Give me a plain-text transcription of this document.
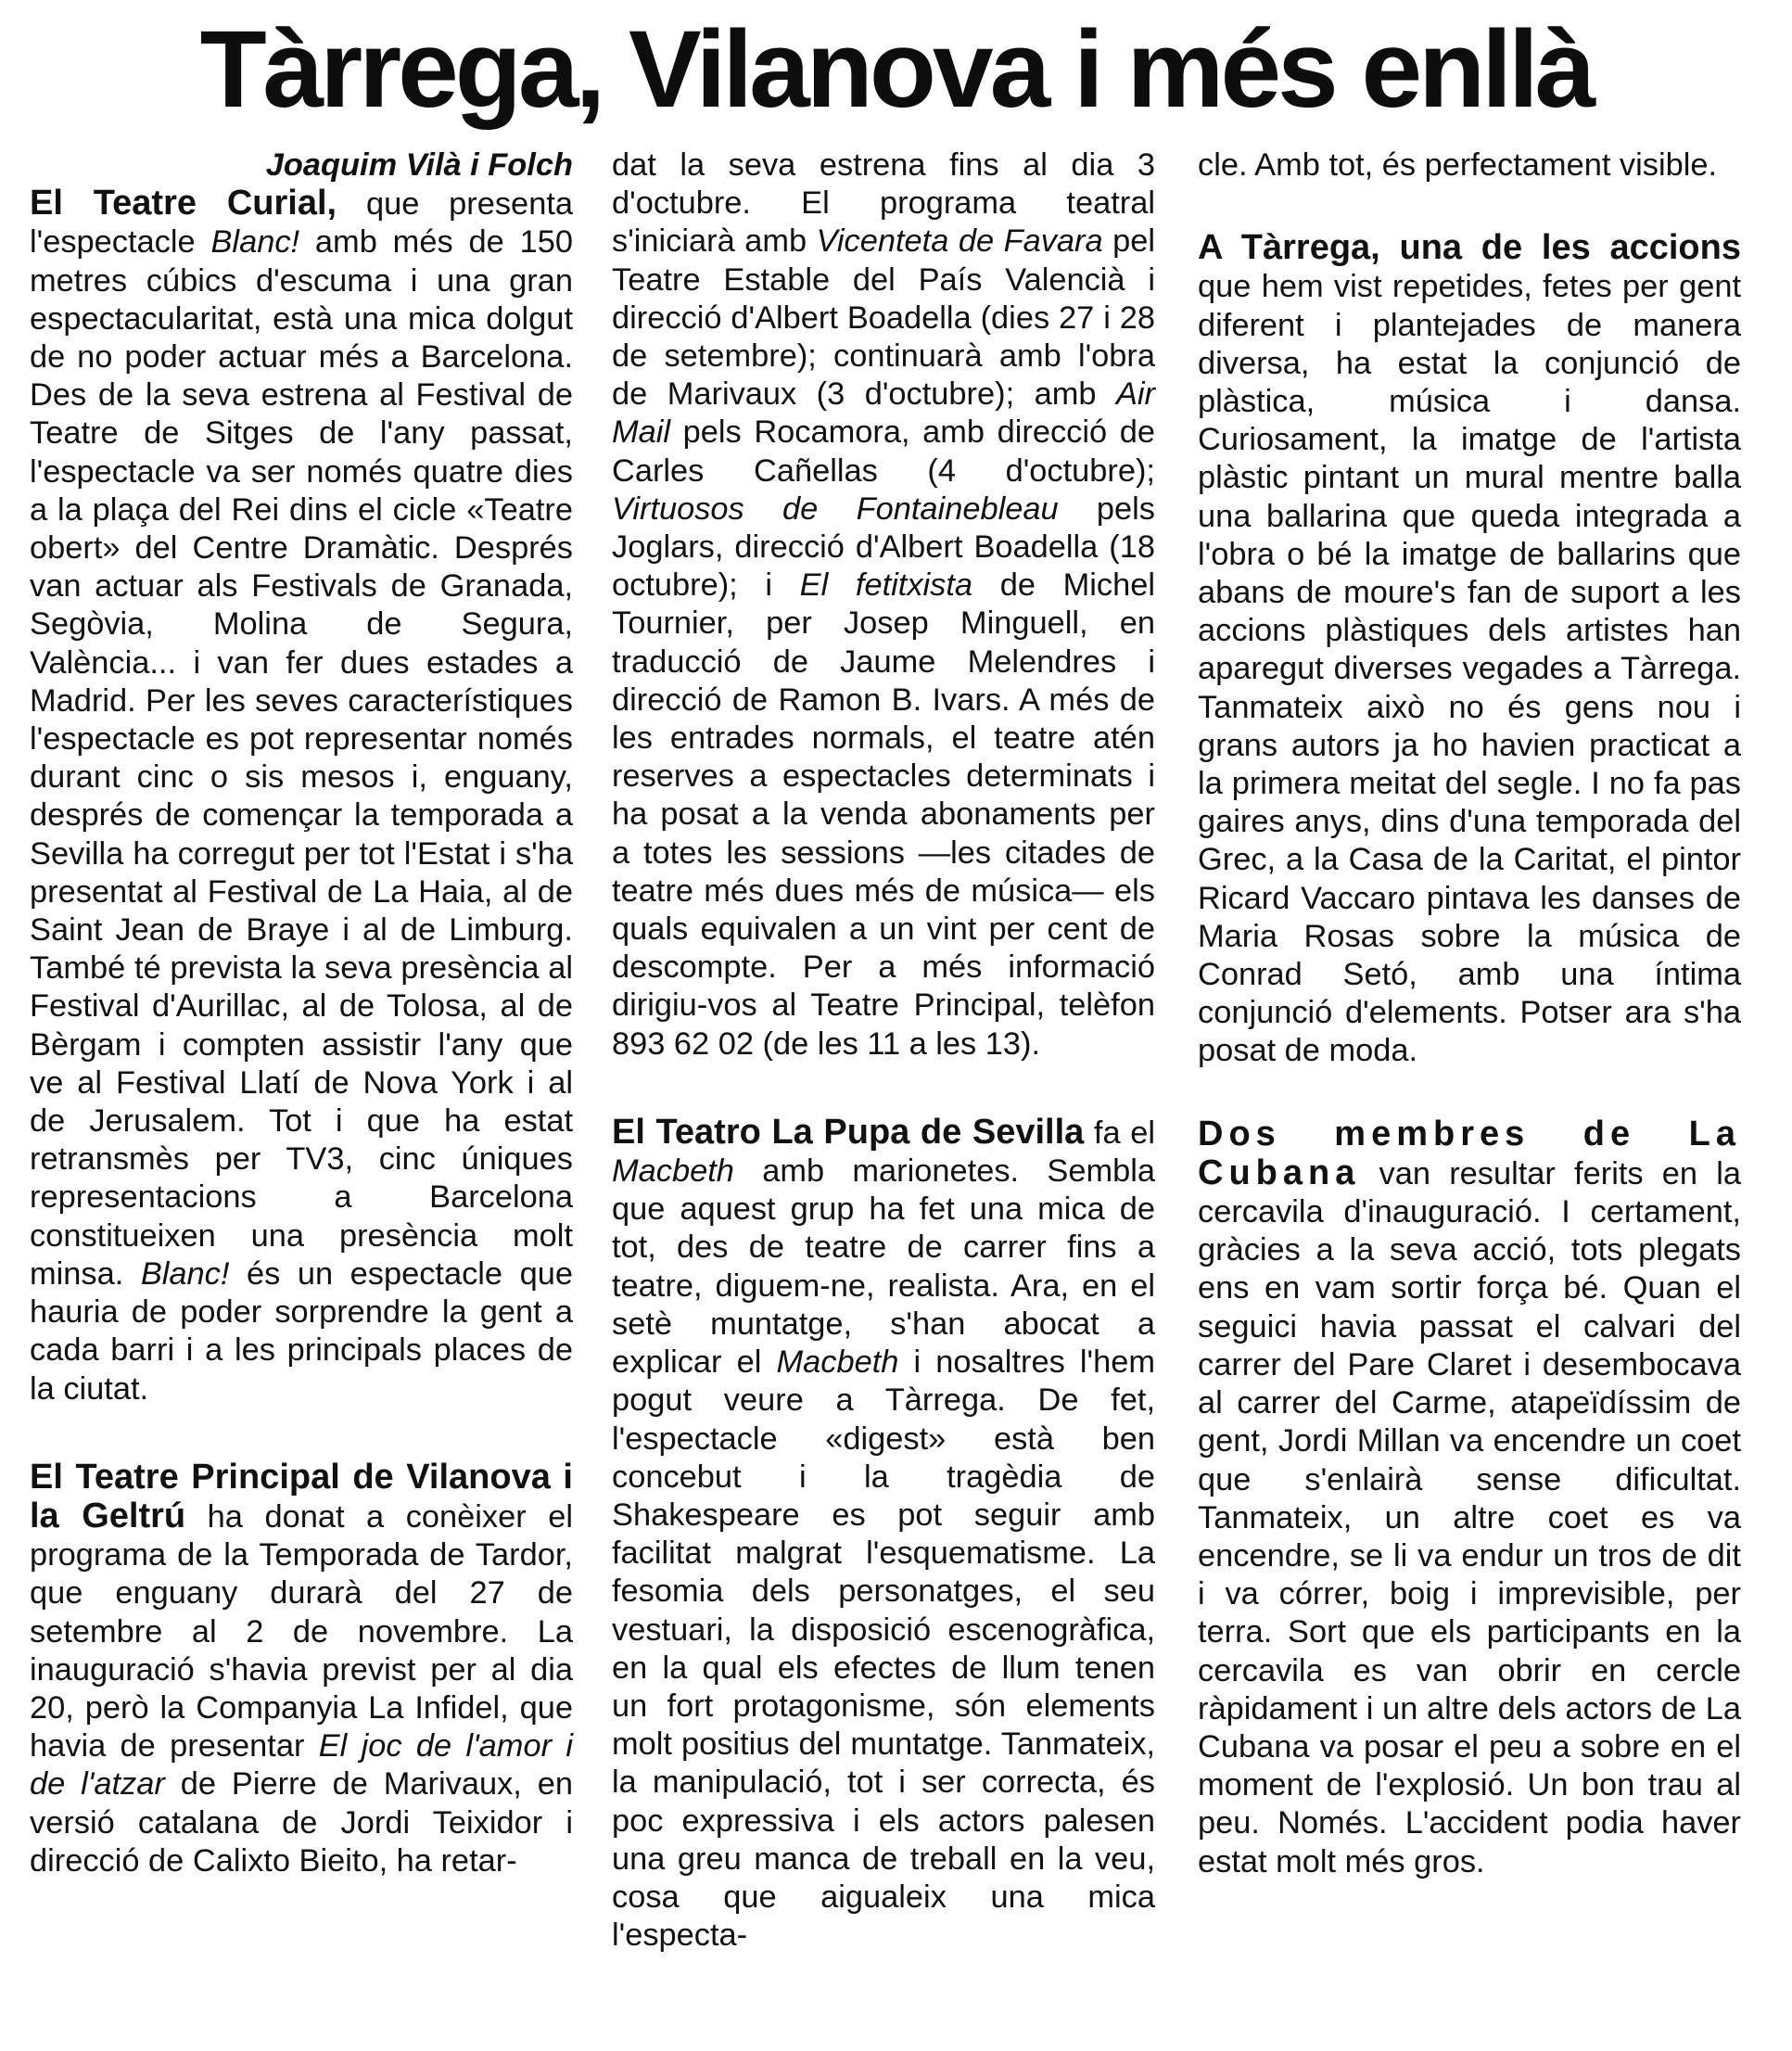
Tàrrega, Vilanova i més enllà

Joaquim Vilà i Folch

El Teatre Curial, que presenta l'espectacle Blanc! amb més de 150 metres cúbics d'escuma i una gran espectacularitat, està una mica dolgut de no poder actuar més a Barcelona. Des de la seva estrena al Festival de Teatre de Sitges de l'any passat, l'espectacle va ser només quatre dies a la plaça del Rei dins el cicle «Teatre obert» del Centre Dramàtic. Després van actuar als Festivals de Granada, Segòvia, Molina de Segura, València... i van fer dues estades a Madrid. Per les seves característiques l'espectacle es pot representar només durant cinc o sis mesos i, enguany, després de començar la temporada a Sevilla ha corregut per tot l'Estat i s'ha presentat al Festival de La Haia, al de Saint Jean de Braye i al de Limburg. També té prevista la seva presència al Festival d'Aurillac, al de Tolosa, al de Bèrgam i compten assistir l'any que ve al Festival Llatí de Nova York i al de Jerusalem. Tot i que ha estat retransmès per TV3, cinc úniques representacions a Barcelona constitueixen una presència molt minsa. Blanc! és un espectacle que hauria de poder sorprendre la gent a cada barri i a les principals places de la ciutat.

El Teatre Principal de Vilanova i la Geltrú ha donat a conèixer el programa de la Temporada de Tardor, que enguany durarà del 27 de setembre al 2 de novembre. La inauguració s'havia previst per al dia 20, però la Companyia La Infidel, que havia de presentar El joc de l'amor i de l'atzar de Pierre de Marivaux, en versió catalana de Jordi Teixidor i direcció de Calixto Bieito, ha retar-

dat la seva estrena fins al dia 3 d'octubre. El programa teatral s'iniciarà amb Vicenteta de Favara pel Teatre Estable del País Valencià i direcció d'Albert Boadella (dies 27 i 28 de setembre); continuarà amb l'obra de Marivaux (3 d'octubre); amb Air Mail pels Rocamora, amb direcció de Carles Cañellas (4 d'octubre); Virtuosos de Fontainebleau pels Joglars, direcció d'Albert Boadella (18 octubre); i El fetitxista de Michel Tournier, per Josep Minguell, en traducció de Jaume Melendres i direcció de Ramon B. Ivars. A més de les entrades normals, el teatre atén reserves a espectacles determinats i ha posat a la venda abonaments per a totes les sessions —les citades de teatre més dues més de música— els quals equivalen a un vint per cent de descompte. Per a més informació dirigiu-vos al Teatre Principal, telèfon 893 62 02 (de les 11 a les 13).

El Teatro La Pupa de Sevilla fa el Macbeth amb marionetes. Sembla que aquest grup ha fet una mica de tot, des de teatre de carrer fins a teatre, diguem-ne, realista. Ara, en el setè muntatge, s'han abocat a explicar el Macbeth i nosaltres l'hem pogut veure a Tàrrega. De fet, l'espectacle «digest» està ben concebut i la tragèdia de Shakespeare es pot seguir amb facilitat malgrat l'esquematisme. La fesomia dels personatges, el seu vestuari, la disposició escenogràfica, en la qual els efectes de llum tenen un fort protagonisme, són elements molt positius del muntatge. Tanmateix, la manipulació, tot i ser correcta, és poc expressiva i els actors palesen una greu manca de treball en la veu, cosa que aigualeix una mica l'especta-

cle. Amb tot, és perfectament visible.

A Tàrrega, una de les accions que hem vist repetides, fetes per gent diferent i plantejades de manera diversa, ha estat la conjunció de plàstica, música i dansa. Curiosament, la imatge de l'artista plàstic pintant un mural mentre balla una ballarina que queda integrada a l'obra o bé la imatge de ballarins que abans de moure's fan de suport a les accions plàstiques dels artistes han aparegut diverses vegades a Tàrrega. Tanmateix això no és gens nou i grans autors ja ho havien practicat a la primera meitat del segle. I no fa pas gaires anys, dins d'una temporada del Grec, a la Casa de la Caritat, el pintor Ricard Vaccaro pintava les danses de Maria Rosas sobre la música de Conrad Setó, amb una íntima conjunció d'elements. Potser ara s'ha posat de moda.

Dos membres de La Cubana van resultar ferits en la cercavila d'inauguració. I certament, gràcies a la seva acció, tots plegats ens en vam sortir força bé. Quan el seguici havia passat el calvari del carrer del Pare Claret i desembocava al carrer del Carme, atapeïdíssim de gent, Jordi Millan va encendre un coet que s'enlairà sense dificultat. Tanmateix, un altre coet es va encendre, se li va endur un tros de dit i va córrer, boig i imprevisible, per terra. Sort que els participants en la cercavila es van obrir en cercle ràpidament i un altre dels actors de La Cubana va posar el peu a sobre en el moment de l'explosió. Un bon trau al peu. Només. L'accident podia haver estat molt més gros.
